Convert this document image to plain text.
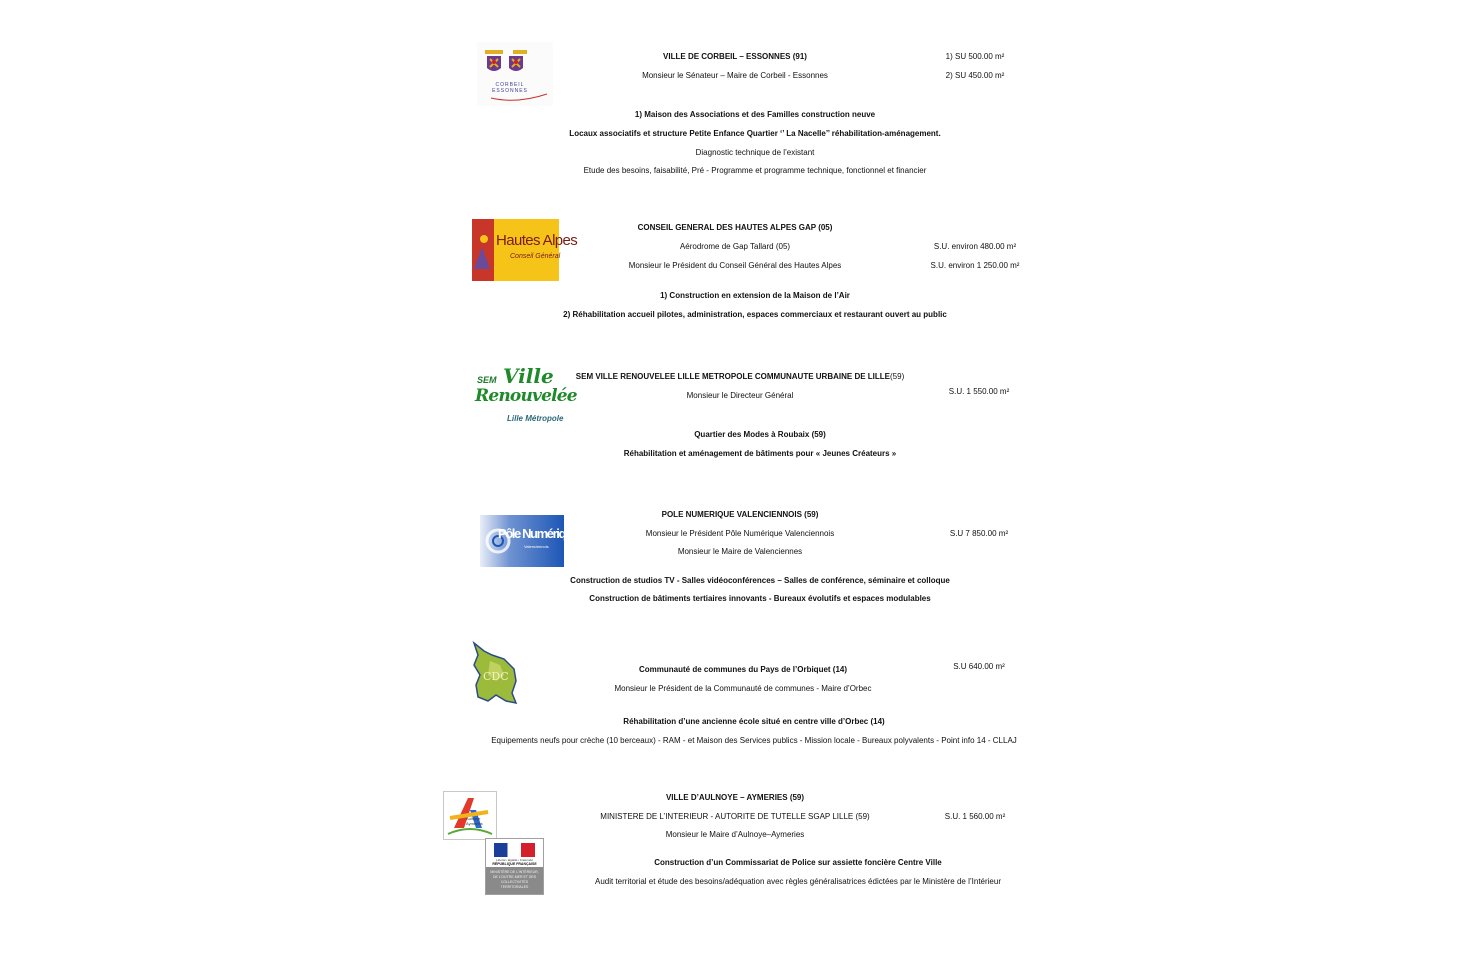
CORBEIL ESSONNES
VILLE DE CORBEIL – ESSONNES (91)
Monsieur le Sénateur – Maire de Corbeil - Essonnes
1) SU 500.00 m²
2) SU 450.00 m²
1) Maison des Associations et des Familles construction neuve
Locaux associatifs et structure Petite Enfance Quartier ‘’ La Nacelle’’ réhabilitation-aménagement.
Diagnostic technique de l’existant
Etude des besoins, faisabilité, Pré - Programme et programme technique, fonctionnel et financier
Hautes Alpes
Conseil Général
CONSEIL GENERAL DES HAUTES ALPES GAP (05)
Aérodrome de Gap Tallard (05)
Monsieur le Président du Conseil Général des Hautes Alpes
S.U. environ 480.00 m²
S.U. environ 1 250.00 m²
1) Construction en extension de la Maison de l’Air
2) Réhabilitation accueil pilotes, administration, espaces commerciaux et restaurant ouvert au public
SEM Ville
Renouvelée
Lille Métropole
SEM VILLE RENOUVELEE LILLE METROPOLE COMMUNAUTE URBAINE DE LILLE(59)
Monsieur le Directeur Général	S.U. 1 550.00 m²
Quartier des Modes à Roubaix (59)
Réhabilitation et aménagement de bâtiments pour « Jeunes Créateurs »
Pôle Numérique
Valenciennois
POLE NUMERIQUE VALENCIENNOIS (59)
Monsieur le Président Pôle Numérique Valenciennois
Monsieur le Maire de Valenciennes
S.U 7 850.00 m²
Construction de studios TV - Salles vidéoconférences – Salles de conférence, séminaire et colloque
Construction de bâtiments tertiaires innovants - Bureaux évolutifs et espaces modulables
CDC
Communauté de communes du Pays de l’Orbiquet (14)
Monsieur le Président de la Communauté de communes - Maire d’Orbec
S.U 640.00 m²
Réhabilitation d’une ancienne école situé en centre ville d’Orbec (14)
Equipements neufs pour crèche (10 berceaux) - RAM - et Maison des Services publics - Mission locale - Bureaux polyvalents - Point info 14 - CLLAJ
Aulnoye Aymeries
Liberté • Égalité • Fraternité
RÉPUBLIQUE FRANÇAISE
MINISTÈRE DE L’INTÉRIEUR, DE L’OUTRE-MER ET DES COLLECTIVITÉS TERRITORIALES
VILLE D’AULNOYE – AYMERIES (59)
MINISTERE DE L’INTERIEUR - AUTORITE DE TUTELLE SGAP LILLE (59)
Monsieur le Maire d’Aulnoye–Aymeries
S.U. 1 560.00 m²
Construction d’un Commissariat de Police sur assiette foncière Centre Ville
Audit territorial et étude des besoins/adéquation avec règles généralisatrices édictées par le Ministère de l’Intérieur
